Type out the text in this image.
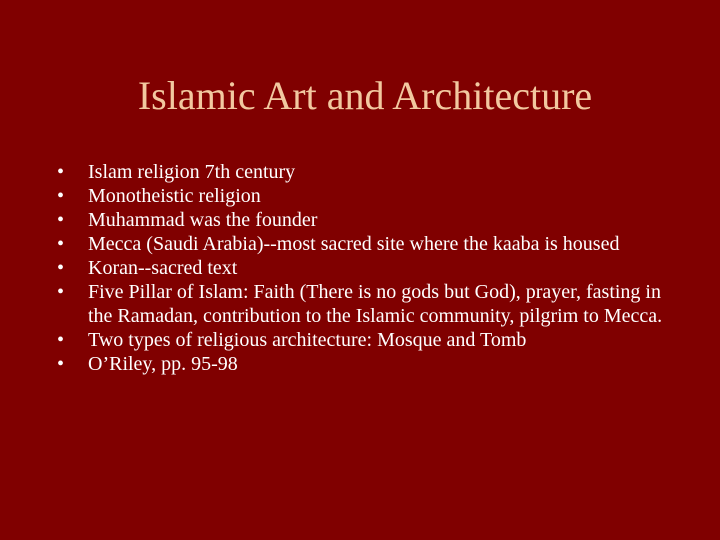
Islamic Art and Architecture
• Islam religion 7th century
• Monotheistic religion
• Muhammad was the founder
• Mecca (Saudi Arabia)--most sacred site where the kaaba is housed
• Koran--sacred text
• Five Pillar of Islam: Faith (There is no gods but God), prayer, fasting in the Ramadan, contribution to the Islamic community, pilgrim to Mecca.
• Two types of religious architecture: Mosque and Tomb
• O’Riley, pp. 95-98
